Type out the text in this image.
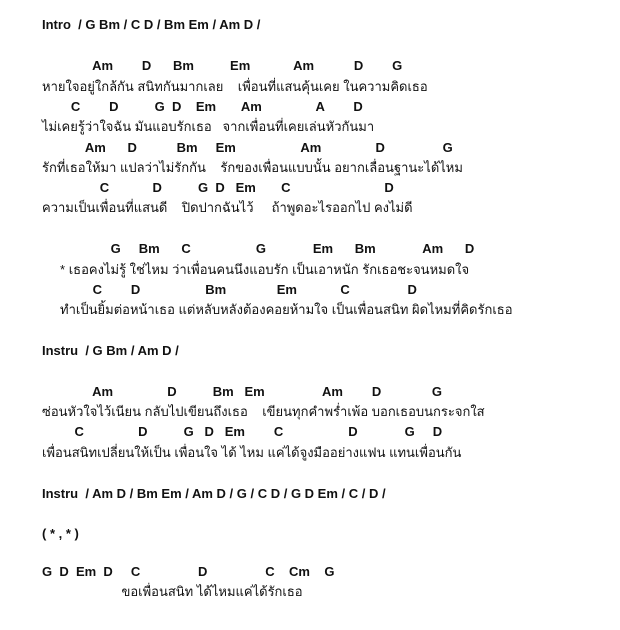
Intro  / G Bm / C D / Bm Em / Am D /
Am        D      Bm          Em            Am           D        G
หายใจอยู่ใกล้กัน สนิทกันมากเลย    เพื่อนที่แสนคุ้นเคย ในความคิดเธอ
C        D          G  D    Em       Am               A        D
ไม่เคยรู้ว่าใจฉัน มันแอบรักเธอ   จากเพื่อนที่เคยเล่นหัวกันมา
Am      D           Bm     Em                  Am               D                G
รักที่เธอให้มา แปลว่าไม่รักกัน    รักของเพื่อนแบบนั้น อยากเลื่อนฐานะได้ไหม
C            D          G  D   Em       C                          D
ความเป็นเพื่อนที่แสนดี    ปิดปากฉันไว้     ถ้าพูดอะไรออกไป คงไม่ดี
G     Bm      C                  G             Em      Bm             Am      D
* เธอคงไม่รู้ ใช่ไหม ว่าเพื่อนคนนึงแอบรัก เป็นเอาหนัก รักเธอชะจนหมดใจ
C        D                  Bm              Em            C                D
ทำเป็นยิ้มต่อหน้าเธอ แต่หลับหลังต้องคอยห้ามใจ เป็นเพื่อนสนิท ผิดไหมที่คิดรักเธอ
Instru  / G Bm / Am D /
Am               D          Bm   Em                Am        D              G
ซ่อนหัวใจไว้เนียน กลับไปเขียนถึงเธอ    เขียนทุกคำพร่ำเพ้อ บอกเธอบนกระจกใส
C               D          G   D   Em        C                  D             G     D
เพื่อนสนิทเปลี่ยนให้เป็น เพื่อนใจ ได้ ไหม แค่ได้จูงมืออย่างแฟน แทนเพื่อนกัน
Instru  / Am D / Bm Em / Am D / G / C D / G D Em / C / D /
( * , * )
G  D  Em  D     C                D                C    Cm    G
ขอเพื่อนสนิท ได้ไหมแค่ได้รักเธอ
